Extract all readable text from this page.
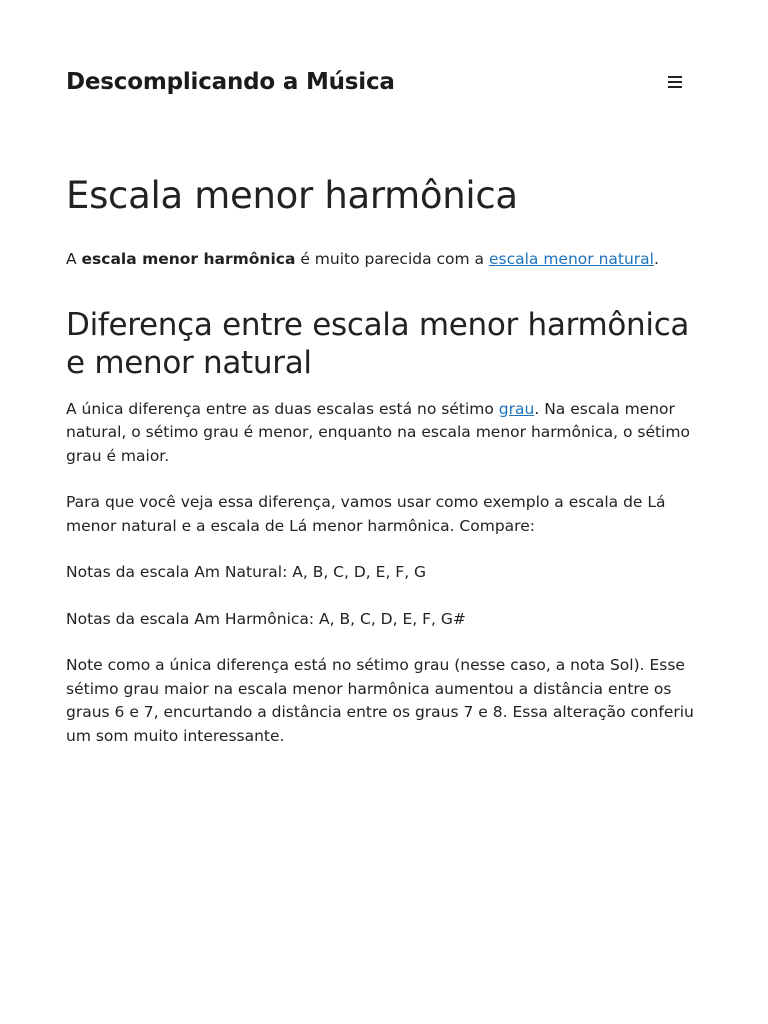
Descomplicando a Música
Escala menor harmônica

A escala menor harmônica é muito parecida com a escala menor natural.

Diferença entre escala menor harmônica e menor natural

A única diferença entre as duas escalas está no sétimo grau. Na escala menor natural, o sétimo grau é menor, enquanto na escala menor harmônica, o sétimo grau é maior.

Para que você veja essa diferença, vamos usar como exemplo a escala de Lá menor natural e a escala de Lá menor harmônica. Compare:

Notas da escala Am Natural: A, B, C, D, E, F, G

Notas da escala Am Harmônica: A, B, C, D, E, F, G#

Note como a única diferença está no sétimo grau (nesse caso, a nota Sol). Esse sétimo grau maior na escala menor harmônica aumentou a distância entre os graus 6 e 7, encurtando a distância entre os graus 7 e 8. Essa alteração conferiu um som muito interessante.
